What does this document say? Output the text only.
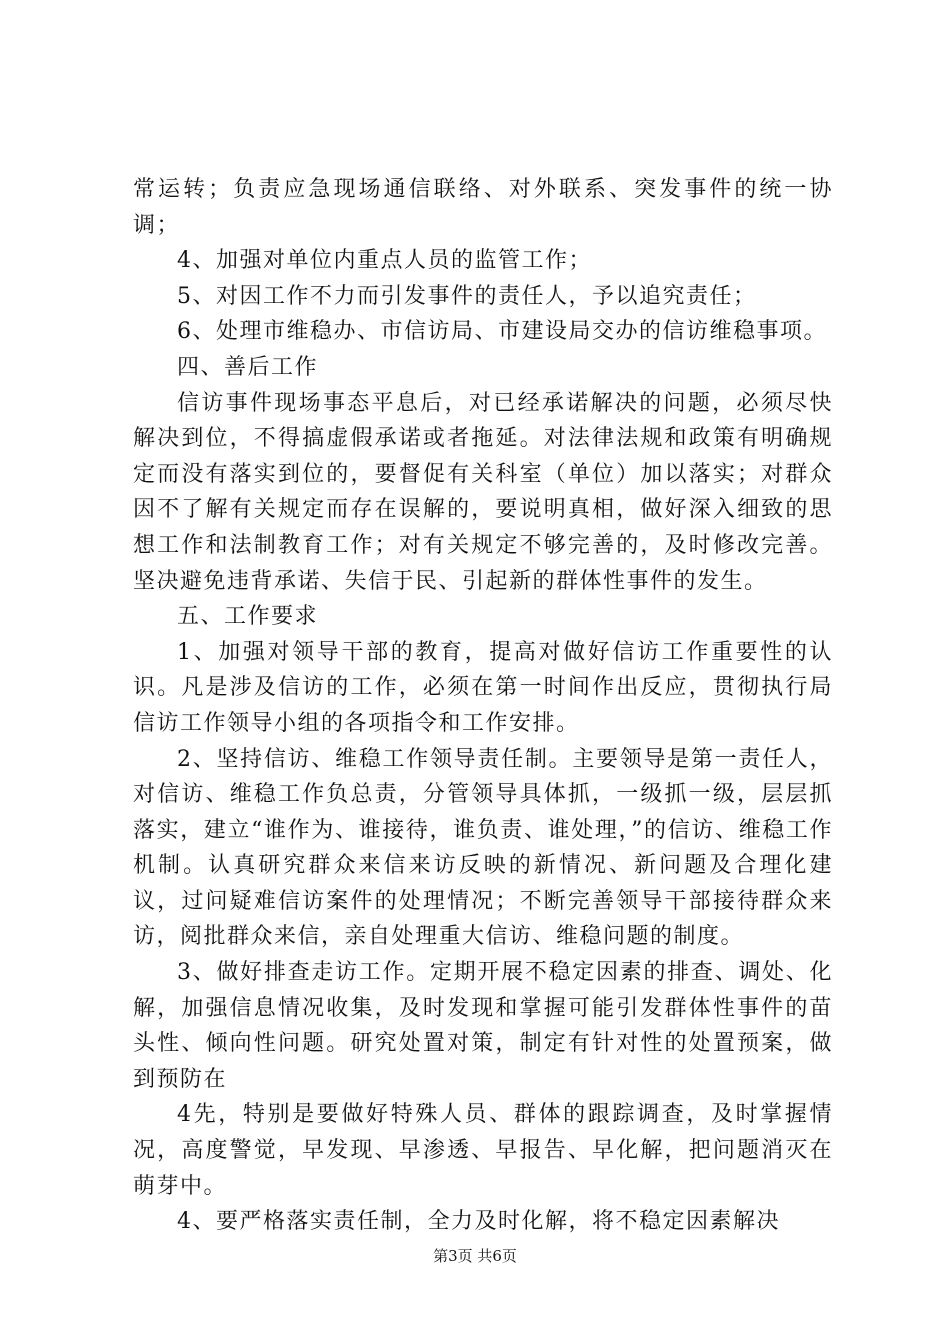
常运转；负责应急现场通信联络、对外联系、突发事件的统一协调；

4、加强对单位内重点人员的监管工作；

5、对因工作不力而引发事件的责任人，予以追究责任；

6、处理市维稳办、市信访局、市建设局交办的信访维稳事项。

四、善后工作

信访事件现场事态平息后，对已经承诺解决的问题，必须尽快解决到位，不得搞虚假承诺或者拖延。对法律法规和政策有明确规定而没有落实到位的，要督促有关科室（单位）加以落实；对群众因不了解有关规定而存在误解的，要说明真相，做好深入细致的思想工作和法制教育工作；对有关规定不够完善的，及时修改完善。坚决避免违背承诺、失信于民、引起新的群体性事件的发生。

五、工作要求

1、加强对领导干部的教育，提高对做好信访工作重要性的认识。凡是涉及信访的工作，必须在第一时间作出反应，贯彻执行局信访工作领导小组的各项指令和工作安排。

2、坚持信访、维稳工作领导责任制。主要领导是第一责任人，对信访、维稳工作负总责，分管领导具体抓，一级抓一级，层层抓落实，建立“谁作为、谁接待，谁负责、谁处理，”的信访、维稳工作机制。认真研究群众来信来访反映的新情况、新问题及合理化建议，过问疑难信访案件的处理情况；不断完善领导干部接待群众来访，阅批群众来信，亲自处理重大信访、维稳问题的制度。

3、做好排查走访工作。定期开展不稳定因素的排查、调处、化解，加强信息情况收集，及时发现和掌握可能引发群体性事件的苗头性、倾向性问题。研究处置对策，制定有针对性的处置预案，做到预防在

4先，特别是要做好特殊人员、群体的跟踪调查，及时掌握情况，高度警觉，早发现、早渗透、早报告、早化解，把问题消灭在萌芽中。

4、要严格落实责任制，全力及时化解，将不稳定因素解决

第3页 共6页
